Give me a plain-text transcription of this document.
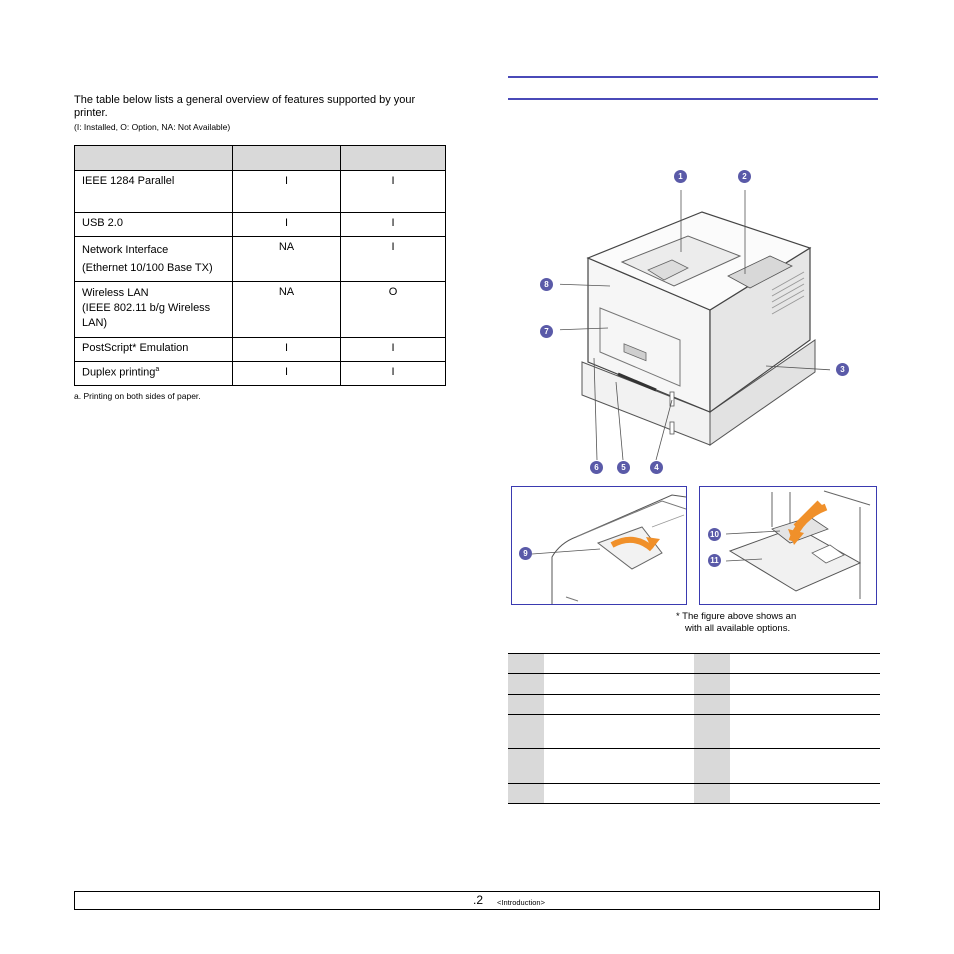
The table below lists a general overview of features supported by your printer.
(I: Installed, O: Option, NA: Not Available)

IEEE 1284 Parallel	I	I
USB 2.0	I	I
Network Interface
(Ethernet 10/100 Base TX)	NA	I
Wireless LAN
(IEEE 802.11 b/g Wireless LAN)	NA	O
PostScript* Emulation	I	I
Duplex printing$^a$	I	I
a. Printing on both sides of paper.
1	2
3
4
5
6
7
8
9
10
11
* The figure above shows an
with all available options.

.2 <Introduction>
